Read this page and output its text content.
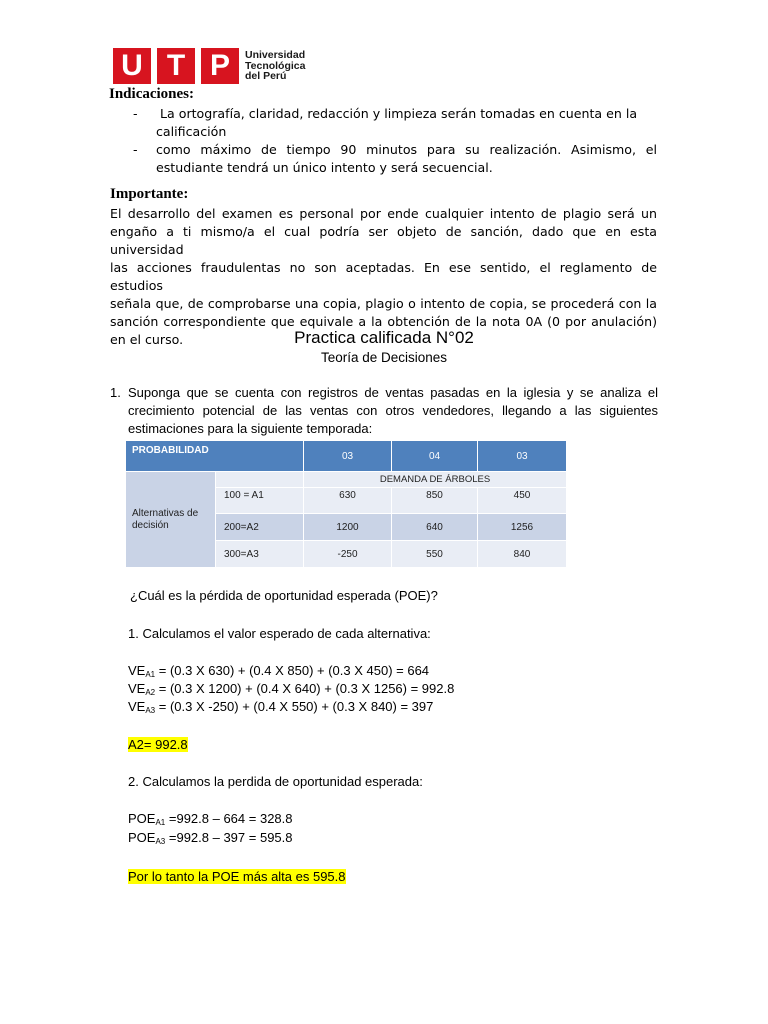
U T P	Universidad
Tecnológica
del Perú
Indicaciones:
-	La ortografía, claridad, redacción y limpieza serán tomadas en cuenta en la
calificación
- como máximo de tiempo 90 minutos para su realización. Asimismo, el
estudiante tendrá un único intento y será secuencial.
Importante:
El desarrollo del examen es personal por ende cualquier intento de plagio será un
engaño a ti mismo/a el cual podría ser objeto de sanción, dado que en esta universidad
las acciones fraudulentas no son aceptadas. En ese sentido, el reglamento de estudios
señala que, de comprobarse una copia, plagio o intento de copia, se procederá con la
sanción correspondiente que equivale a la obtención de la nota 0A (0 por anulación)
en el curso.	Practica calificada N°02
Teoría de Decisiones
1. Suponga que se cuenta con registros de ventas pasadas en la iglesia y se analiza el
crecimiento potencial de las ventas con otros vendedores, llegando a las siguientes
estimaciones para la siguiente temporada:
PROBABILIDAD	03	04	03
Alternativas de
decisión
DEMANDA DE ÁRBOLES
100 = A1	630	850	450
200=A2	1200	640	1256
300=A3	-250	550	840
¿Cuál es la pérdida de oportunidad esperada (POE)?
1. Calculamos el valor esperado de cada alternativa:
$VE_{A1} = (0.3$ X 630) + (0.4 X 850) + (0.3 X 450) = 664
$VE_{A2} = (0.3$ X 1200) + (0.4 X 640) + (0.3 X 1256) = 992.8
$VE_{A3} = (0.3$ X -250) + (0.4 X 550) + (0.3 X 840) = 397
A2= 992.8
2. Calculamos la perdida de oportunidad esperada:
$POE_{A1} =992.8 - 664 = 328.8$
$POE_{A3} =992.8 - 397 = 595.8$
Por lo tanto la POE más alta es 595.8
